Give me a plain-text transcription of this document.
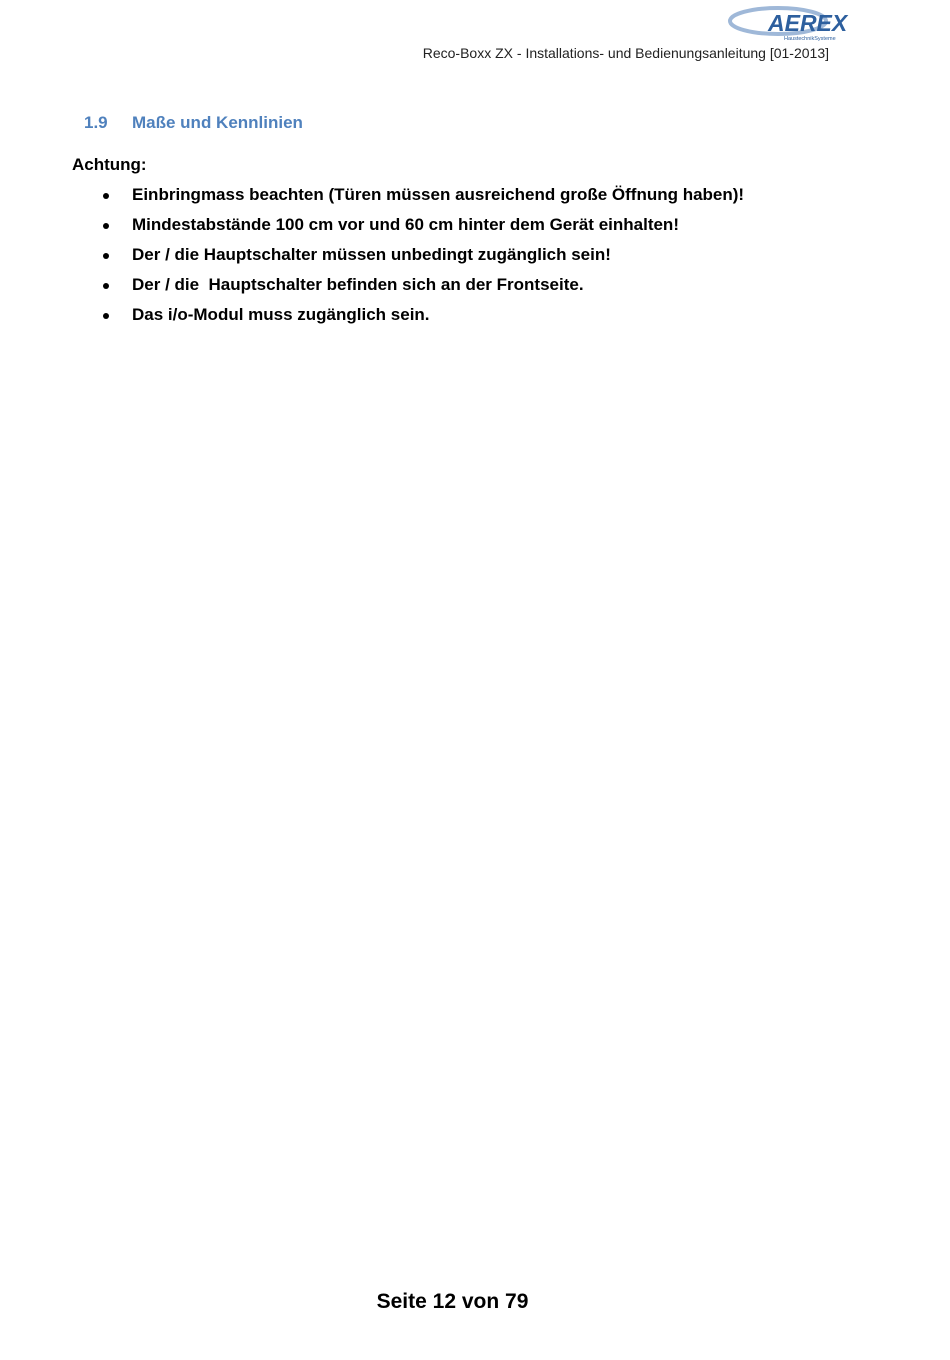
AEREX
HaustechnikSysteme
Reco-Boxx ZX - Installations- und Bedienungsanleitung [01-2013]
1.9 Maße und Kennlinien
Achtung:

Einbringmass beachten (Türen müssen ausreichend große Öffnung haben)!

Mindestabstände 100 cm vor und 60 cm hinter dem Gerät einhalten!

Der / die Hauptschalter müssen unbedingt zugänglich sein!

Der / die  Hauptschalter befinden sich an der Frontseite.

Das i/o-Modul muss zugänglich sein.

Seite 12 von 79
